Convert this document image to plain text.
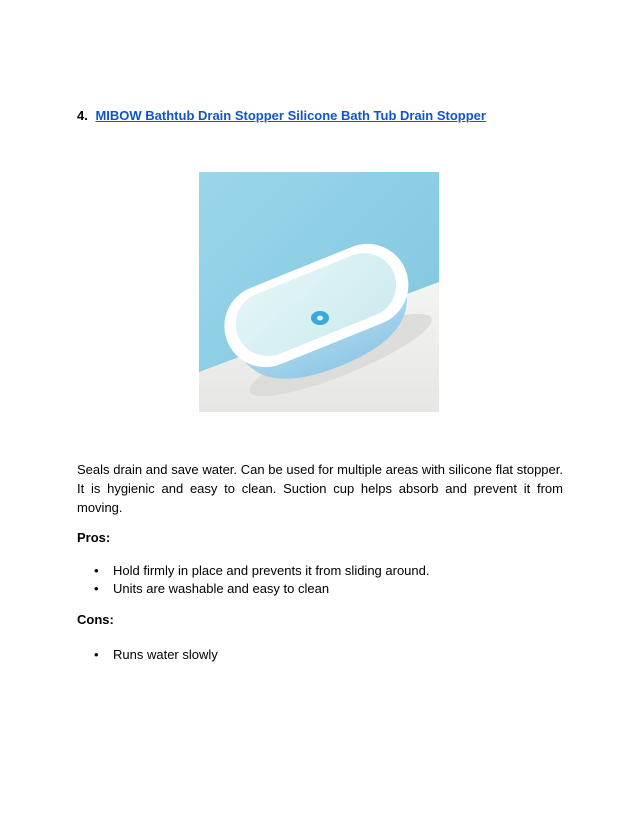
4. MIBOW Bathtub Drain Stopper Silicone Bath Tub Drain Stopper
Seals drain and save water. Can be used for multiple areas with silicone flat stopper. It is hygienic and easy to clean. Suction cup helps absorb and prevent it from moving.
Pros:
• Hold firmly in place and prevents it from sliding around.
• Units are washable and easy to clean
Cons:
• Runs water slowly
